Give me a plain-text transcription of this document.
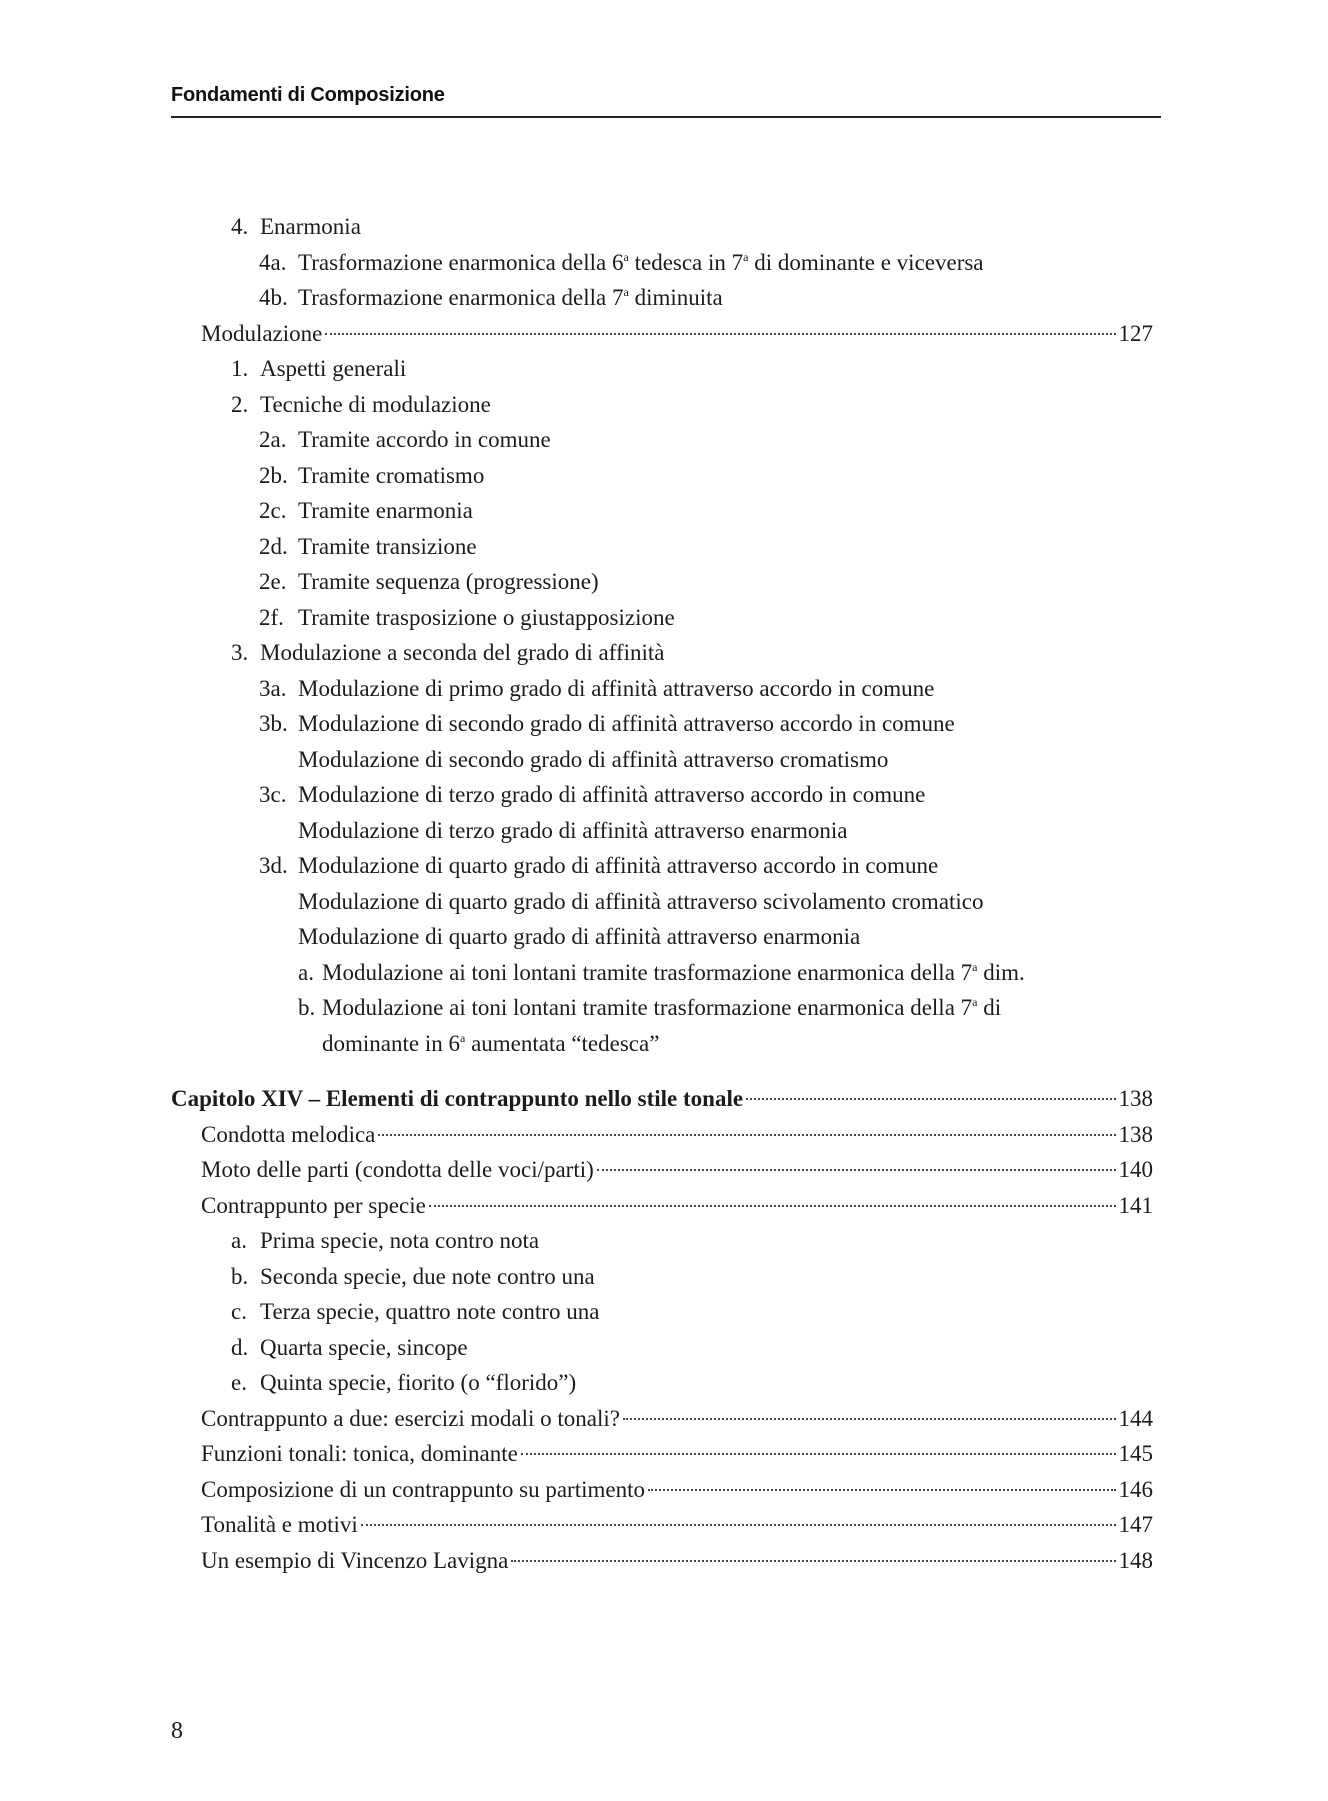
Fondamenti di Composizione
4. Enarmonia
4a. Trasformazione enarmonica della 6$^a$ tedesca in 7$^a$ di dominante e viceversa
4b. Trasformazione enarmonica della 7$^a$ diminuita
Modulazione	127
1. Aspetti generali
2. Tecniche di modulazione
2a. Tramite accordo in comune
2b. Tramite cromatismo
2c. Tramite enarmonia
2d. Tramite transizione
2e. Tramite sequenza (progressione)
2f. Tramite trasposizione o giustapposizione
3. Modulazione a seconda del grado di affinità
3a. Modulazione di primo grado di affinità attraverso accordo in comune
3b. Modulazione di secondo grado di affinità attraverso accordo in comune
Modulazione di secondo grado di affinità attraverso cromatismo
3c. Modulazione di terzo grado di affinità attraverso accordo in comune
Modulazione di terzo grado di affinità attraverso enarmonia
3d. Modulazione di quarto grado di affinità attraverso accordo in comune
Modulazione di quarto grado di affinità attraverso scivolamento cromatico
Modulazione di quarto grado di affinità attraverso enarmonia
a. Modulazione ai toni lontani tramite trasformazione enarmonica della 7$^a$ dim.
b. Modulazione ai toni lontani tramite trasformazione enarmonica della 7$^a$ di
dominante in 6$^a$ aumentata “tedesca”
Capitolo XIV – Elementi di contrappunto nello stile tonale	138
Condotta melodica	138
Moto delle parti (condotta delle voci/parti)	140
Contrappunto per specie	141
a. Prima specie, nota contro nota
b. Seconda specie, due note contro una
c. Terza specie, quattro note contro una
d. Quarta specie, sincope
e. Quinta specie, fiorito (o “florido”)
Contrappunto a due: esercizi modali o tonali?	144
Funzioni tonali: tonica, dominante	145
Composizione di un contrappunto su partimento	146
Tonalità e motivi	147
Un esempio di Vincenzo Lavigna	148
8
